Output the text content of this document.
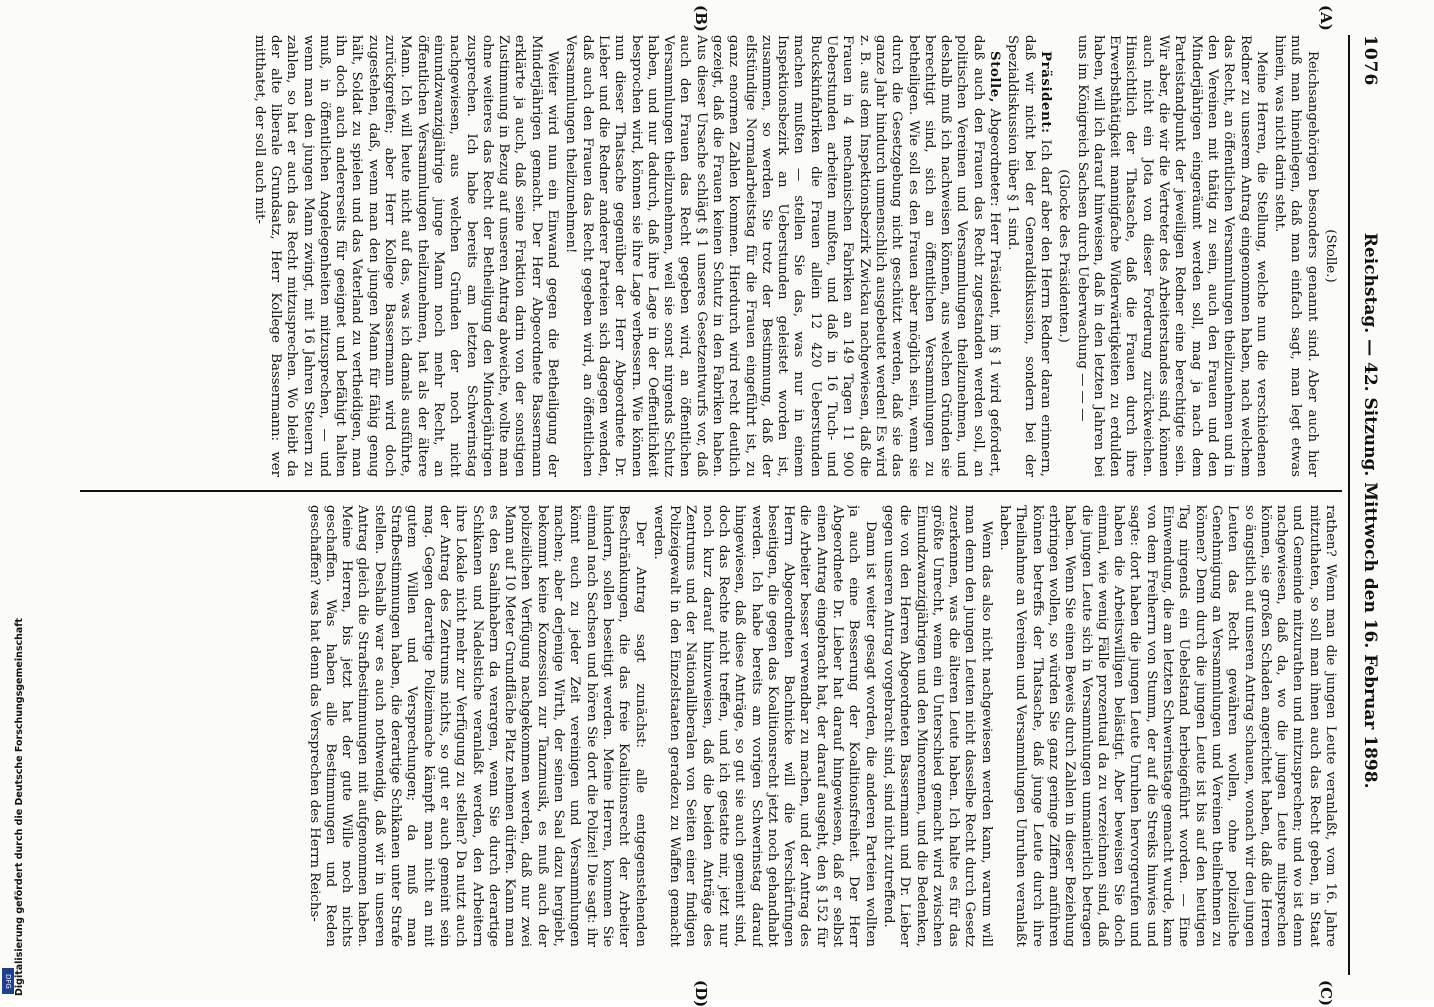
DFG Digitalisierung gefördert durch die Deutsche Forschungsgemeinschaft
1076
Reichstag. — 42. Sitzung. Mittwoch den 16. Februar 1898.
(A)
(B)
(C)
(D)

(Stolle.)

Reichsangehörigen besonders genannt sind. Aber auch hier muß man hineinlegen, daß man einfach sagt, man legt etwas hinein, was nicht darin steht.

Meine Herren, die Stellung, welche nun die verschiedenen Redner zu unserem Antrag eingenommen haben, nach welchem das Recht, an öffentlichen Versammlungen theilzunehmen und in den Vereinen mit thätig zu sein, auch den Frauen und den Minderjährigen eingeräumt werden soll, mag ja nach dem Parteistandpunkt der jeweiligen Redner eine berechtigte sein. Wir aber, die wir die Vertreter des Arbeiterstandes sind, können auch nicht ein Jota von dieser Forderung zurückweichen. Hinsichtlich der Thatsache, daß die Frauen durch ihre Erwerbsthätigkeit mannigfache Widerwärtigkeiten zu erdulden haben, will ich darauf hinweisen, daß in den letzten Jahren bei uns im Königreich Sachsen durch Ueberwachung — — —

(Glocke des Präsidenten.)

Präsident: Ich darf aber den Herrn Redner daran erinnern, daß wir nicht bei der Generaldiskussion, sondern bei der Spezialdiskussion über § 1 sind.

Stolle, Abgeordneter: Herr Präsident, im § 1 wird gefordert, daß auch den Frauen das Recht zugestanden werden soll, an politischen Vereinen und Versammlungen theilzunehmen, und deshalb muß ich nachweisen können, aus welchen Gründen sie berechtigt sind, sich an öffentlichen Versammlungen zu betheiligen. Wie soll es den Frauen aber möglich sein, wenn sie durch die Gesetzgebung nicht geschützt werden, daß sie das ganze Jahr hindurch unmenschlich ausgebeutet werden! Es wird z. B. aus dem Inspektionsbezirk Zwickau nachgewiesen, daß die Frauen in 4 mechanischen Fabriken an 149 Tagen 11 900 Ueberstunden arbeiten mußten, und daß in 16 Tuch- und Buckskinfabriken die Frauen allein 12 420 Ueberstunden machen mußten — stellen Sie das, was nur in einem Inspektionsbezirk an Ueberstunden geleistet worden ist, zusammen, so werden Sie trotz der Bestimmung, daß der elfstündige Normalarbeitstag für die Frauen eingeführt ist, zu ganz enormen Zahlen kommen. Hierdurch wird recht deutlich gezeigt, daß die Frauen keinen Schutz in den Fabriken haben. Aus dieser Ursache schlägt § 1 unseres Gesetzentwurfs vor, daß auch den Frauen das Recht gegeben wird, an öffentlichen Versammlungen theilzunehmen, weil sie sonst nirgends Schutz haben, und nur dadurch, daß ihre Lage in der Oeffentlichkeit besprochen wird, können sie ihre Lage verbessern. Wie können nun dieser Thatsache gegenüber der Herr Abgeordnete Dr. Lieber und die Redner anderer Parteien sich dagegen wenden, daß auch den Frauen das Recht gegeben wird, an öffentlichen Versammlungen theilzunehmen!

Weiter wird nun ein Einwand gegen die Betheiligung der Minderjährigen gemacht. Der Herr Abgeordnete Bassermann erklärte ja auch, daß seine Fraktion darin von der sonstigen Zustimmung in Bezug auf unseren Antrag abweiche, wollte man ohne weiteres das Recht der Betheiligung den Minderjährigen zusprechen. Ich habe bereits am letzten Schwerinstag nachgewiesen, aus welchen Gründen der noch nicht einundzwanzigjährige junge Mann noch mehr Recht, an öffentlichen Versammlungen theilzunehmen, hat als der ältere Mann. Ich will heute nicht auf das, was ich damals ausführte, zurückgreifen; aber Herr Kollege Bassermann wird doch zugestehen, daß, wenn man den jungen Mann für fähig genug hält, Soldat zu spielen und das Vaterland zu vertheidigen, man ihn doch auch andererseits für geeignet und befähigt halten muß, in öffentlichen Angelegenheiten mitzusprechen, — und wenn man den jungen Mann zwingt, mit 16 Jahren Steuern zu zahlen, so hat er auch das Recht mitzusprechen. Wo bleibt da der alte liberale Grundsatz, Herr Kollege Bassermann: wer mitthatet, der soll auch mit-

rathen? Wenn man die jungen Leute veranlaßt, vom 16. Jahre mitzuthaten, so soll man ihnen auch das Recht geben, in Staat und Gemeinde mitzurathen und mitzusprechen; und wo ist denn nachgewiesen, daß da, wo die jungen Leute mitsprechen können, sie großen Schaden angerichtet haben, daß die Herren so ängstlich auf unseren Antrag schauen, wonach wir den jungen Leuten das Recht gewähren wollen, ohne polizeiliche Genehmigung an Versammlungen und Vereinen theilnehmen zu können? Denn durch die jungen Leute ist bis auf den heutigen Tag nirgends ein Uebelstand herbeigeführt worden. — Eine Einwendung, die am letzten Schwerinstage gemacht wurde, kam von dem Freiherrn von Stumm, der auf die Streiks hinwies und sagte: dort haben die jungen Leute Unruhen hervorgerufen und haben die Arbeitswilligen belästigt. Aber beweisen Sie doch einmal, wie wenig Fälle prozentual da zu verzeichnen sind, daß die jungen Leute sich in Versammlungen unmanierlich betragen haben. Wenn Sie einen Beweis durch Zahlen in dieser Beziehung erbringen wollen, so würden Sie ganz geringe Ziffern anführen können betreffs der Thatsache, daß junge Leute durch ihre Theilnahme an Vereinen und Versammlungen Unruhen veranlaßt haben.

Wenn das also nicht nachgewiesen werden kann, warum will man denn den jungen Leuten nicht dasselbe Recht durch Gesetz zuerkennen, was die älteren Leute haben. Ich halte es für das größte Unrecht, wenn ein Unterschied gemacht wird zwischen Einundzwanzigjährigen und den Minorennen, und die Bedenken, die von den Herren Abgeordneten Bassermann und Dr. Lieber gegen unseren Antrag vorgebracht sind, sind nicht zutreffend.

Dann ist weiter gesagt worden, die anderen Parteien wollten ja auch eine Besserung der Koalitionsfreiheit. Der Herr Abgeordnete Dr. Lieber hat darauf hingewiesen, daß er selbst einen Antrag eingebracht hat, der darauf ausgeht, den § 152 für die Arbeiter besser verwendbar zu machen, und der Antrag des Herrn Abgeordneten Bachnicke will die Verschärfungen beseitigen, die gegen das Koalitionsrecht jetzt noch gehandhabt werden. Ich habe bereits am vorigen Schwerinstag darauf hingewiesen, daß diese Anträge, so gut sie auch gemeint sind, doch das Rechte nicht treffen, und ich gestatte mir, jetzt nur noch kurz darauf hinzuweisen, daß die beiden Anträge des Zentrums und der Nationalliberalen von Seiten einer findigen Polizeigewalt in den Einzelstaaten geradezu zu Waffen gemacht werden.

Der Antrag sagt zunächst: alle entgegenstehenden Beschränkungen, die das freie Koalitionsrecht der Arbeiter hindern, sollen beseitigt werden. Meine Herren, kommen Sie einmal nach Sachsen und hören Sie dort die Polizei! Die sagt: ihr könnt euch zu jeder Zeit vereinigen und Versammlungen machen; aber derjenige Wirth, der seinen Saal dazu hergiebt, bekommt keine Konzession zur Tanzmusik, es muß auch der polizeilichen Verfügung nachgekommen werden, daß nur zwei Mann auf 10 Meter Grundfläche Platz nehmen dürfen. Kann man es den Saalinhabern da verargen, wenn Sie durch derartige Schikanen und Nadelstiche veranlaßt werden, den Arbeitern ihre Lokale nicht mehr zur Verfügung zu stellen? Da nutzt auch der Antrag des Zentrums nichts, so gut er auch gemeint sein mag. Gegen derartige Polizeimache kämpft man nicht an mit gutem Willen und Versprechungen; da muß man Strafbestimmungen haben, die derartige Schikanen unter Strafe stellen. Deshalb war es auch nothwendig, daß wir in unseren Antrag gleich die Strafbestimmungen mit aufgenommen haben. Meine Herren, bis jetzt hat der gute Wille noch nichts geschaffen. Was haben alle Bestimmungen und Reden geschaffen? was hat denn das Versprechen des Herrn Reichs-
